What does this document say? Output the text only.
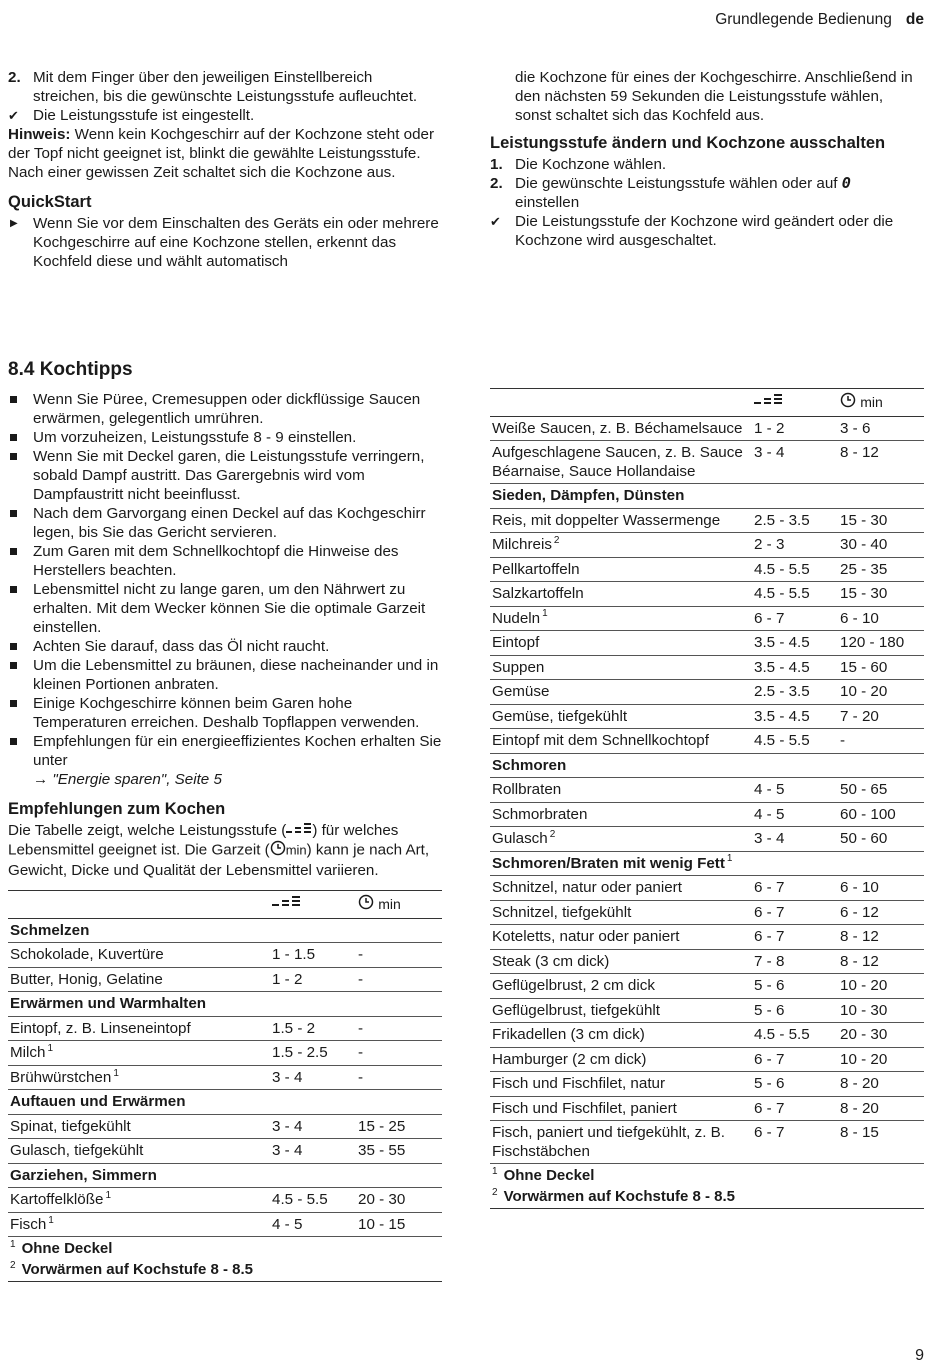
Grundlegende Bedienung de

2. Mit dem Finger über den jeweiligen Einstellbereich streichen, bis die gewünschte Leistungsstufe aufleuchtet.

✔ Die Leistungsstufe ist eingestellt.

Hinweis: Wenn kein Kochgeschirr auf der Kochzone steht oder der Topf nicht geeignet ist, blinkt die gewählte Leistungsstufe. Nach einer gewissen Zeit schaltet sich die Kochzone aus.

QuickStart

▶ Wenn Sie vor dem Einschalten des Geräts ein oder mehrere Kochgeschirre auf eine Kochzone stellen, erkennt das Kochfeld diese und wählt automatisch

die Kochzone für eines der Kochgeschirre. Anschließend in den nächsten 59 Sekunden die Leistungsstufe wählen, sonst schaltet sich das Kochfeld aus.

Leistungsstufe ändern und Kochzone ausschalten

1. Die Kochzone wählen.

2. Die gewünschte Leistungsstufe wählen oder auf 0
einstellen

✔ Die Leistungsstufe der Kochzone wird geändert oder die Kochzone wird ausgeschaltet.

8.4 Kochtipps
Wenn Sie Püree, Cremesuppen oder dickflüssige Saucen erwärmen, gelegentlich umrühren.
Um vorzuheizen, Leistungsstufe 8 - 9 einstellen.
Wenn Sie mit Deckel garen, die Leistungsstufe verringern, sobald Dampf austritt. Das Garergebnis wird vom Dampfaustritt nicht beeinflusst.
Nach dem Garvorgang einen Deckel auf das Kochgeschirr legen, bis Sie das Gericht servieren.
Zum Garen mit dem Schnellkochtopf die Hinweise des Herstellers beachten.
Lebensmittel nicht zu lange garen, um den Nährwert zu erhalten. Mit dem Wecker können Sie die optimale Garzeit einstellen.
Achten Sie darauf, dass das Öl nicht raucht.
Um die Lebensmittel zu bräunen, diese nacheinander und in kleinen Portionen anbraten.
Einige Kochgeschirre können beim Garen hohe Temperaturen erreichen. Deshalb Topflappen verwenden.
Empfehlungen für ein energieeffizientes Kochen erhalten Sie unter

→ "Energie sparen", Seite 5

Empfehlungen zum Kochen

Die Tabelle zeigt, welche Leistungsstufe ( ) für welches Lebensmittel geeignet ist. Die Garzeit ( min) kann je nach Art, Gewicht, Dicke und Qualität der Lebensmittel variieren.

		min
Schmelzen		
Schokolade, Kuvertüre	1 - 1.5	-
Butter, Honig, Gelatine	1 - 2	-
Erwärmen und Warmhalten		
Eintopf, z. B. Linseneintopf	1.5 - 2	-
Milch $^1$	1.5 - 2.5	-
Brühwürstchen $^1$	3 - 4	-
Auftauen und Erwärmen		
Spinat, tiefgekühlt	3 - 4	15 - 25
Gulasch, tiefgekühlt	3 - 4	35 - 55
Garziehen, Simmern		
Kartoffelklöße $^1$	4.5 - 5.5	20 - 30
Fisch $^1$	4 - 5	10 - 15
$^1$ Ohne Deckel
$^2$ Vorwärmen auf Kochstufe 8 - 8.5
		min
Weiße Saucen, z. B. Béchamelsauce	1 - 2	3 - 6
Aufgeschlagene Saucen, z. B. Sauce Béarnaise, Sauce Hollandaise	3 - 4	8 - 12
Sieden, Dämpfen, Dünsten		
Reis, mit doppelter Wassermenge	2.5 - 3.5	15 - 30
Milchreis $^2$	2 - 3	30 - 40
Pellkartoffeln	4.5 - 5.5	25 - 35
Salzkartoffeln	4.5 - 5.5	15 - 30
Nudeln $^1$	6 - 7	6 - 10
Eintopf	3.5 - 4.5	120 - 180
Suppen	3.5 - 4.5	15 - 60
Gemüse	2.5 - 3.5	10 - 20
Gemüse, tiefgekühlt	3.5 - 4.5	7 - 20
Eintopf mit dem Schnellkochtopf	4.5 - 5.5	-
Schmoren		
Rollbraten	4 - 5	50 - 65
Schmorbraten	4 - 5	60 - 100
Gulasch $^2$	3 - 4	50 - 60
Schmoren/Braten mit wenig Fett $^1$		
Schnitzel, natur oder paniert	6 - 7	6 - 10
Schnitzel, tiefgekühlt	6 - 7	6 - 12
Koteletts, natur oder paniert	6 - 7	8 - 12
Steak (3 cm dick)	7 - 8	8 - 12
Geflügelbrust, 2 cm dick	5 - 6	10 - 20
Geflügelbrust, tiefgekühlt	5 - 6	10 - 30
Frikadellen (3 cm dick)	4.5 - 5.5	20 - 30
Hamburger (2 cm dick)	6 - 7	10 - 20
Fisch und Fischfilet, natur	5 - 6	8 - 20
Fisch und Fischfilet, paniert	6 - 7	8 - 20
Fisch, paniert und tiefgekühlt, z. B. Fischstäbchen	6 - 7	8 - 15
$^1$ Ohne Deckel
$^2$ Vorwärmen auf Kochstufe 8 - 8.5
9
